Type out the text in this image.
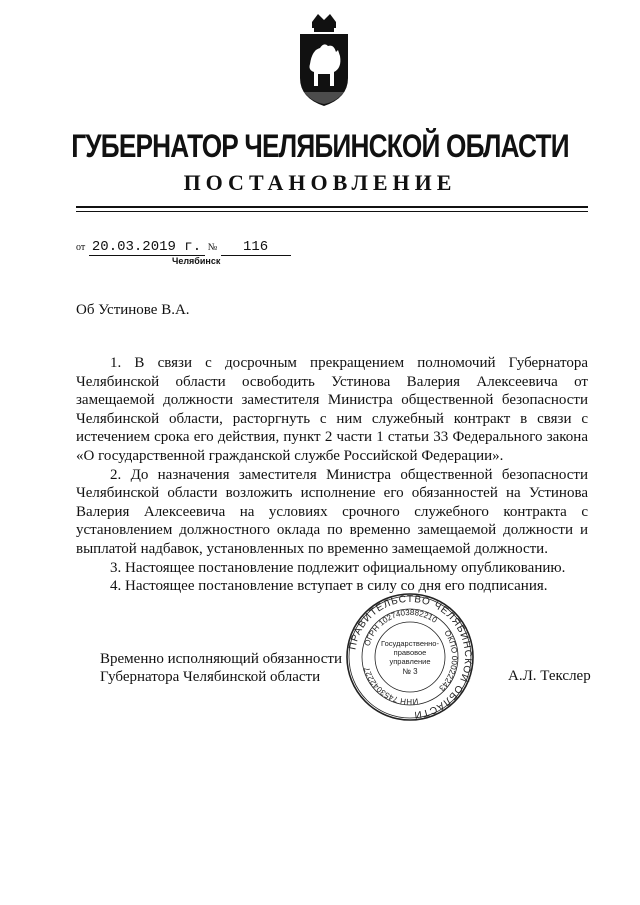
ГУБЕРНАТОР ЧЕЛЯБИНСКОЙ ОБЛАСТИ
ПОСТАНОВЛЕНИЕ
от 20.03.2019 г. № 116
Челябинск
Об Устинове В.А.

1. В связи с досрочным прекращением полномочий Губернатора Челябинской области освободить Устинова Валерия Алексеевича от замещаемой должности заместителя Министра общественной безопасности Челябинской области, расторгнуть с ним служебный контракт в связи с истечением срока его действия, пункт 2 части 1 статьи 33 Федерального закона «О государственной гражданской службе Российской Федерации».

2. До назначения заместителя Министра общественной безопасности Челябинской области возложить исполнение его обязанностей на Устинова Валерия Алексеевича на условиях срочного служебного контракта с установлением должностного оклада по временно замещаемой должности и выплатой надбавок, установленных по временно замещаемой должности.

3. Настоящее постановление подлежит официальному опубликованию.

4. Настоящее постановление вступает в силу со дня его подписания.

ПРАВИТЕЛЬСТВО ЧЕЛЯБИНСКОЙ ОБЛАСТИ
ОГРН 1027403882210
ОКПО 00022243
ИНН 7453042227
Государственно-
правовое
управление
№ 3
Временно исполняющий обязанности
Губернатора Челябинской области	А.Л. Текслер
